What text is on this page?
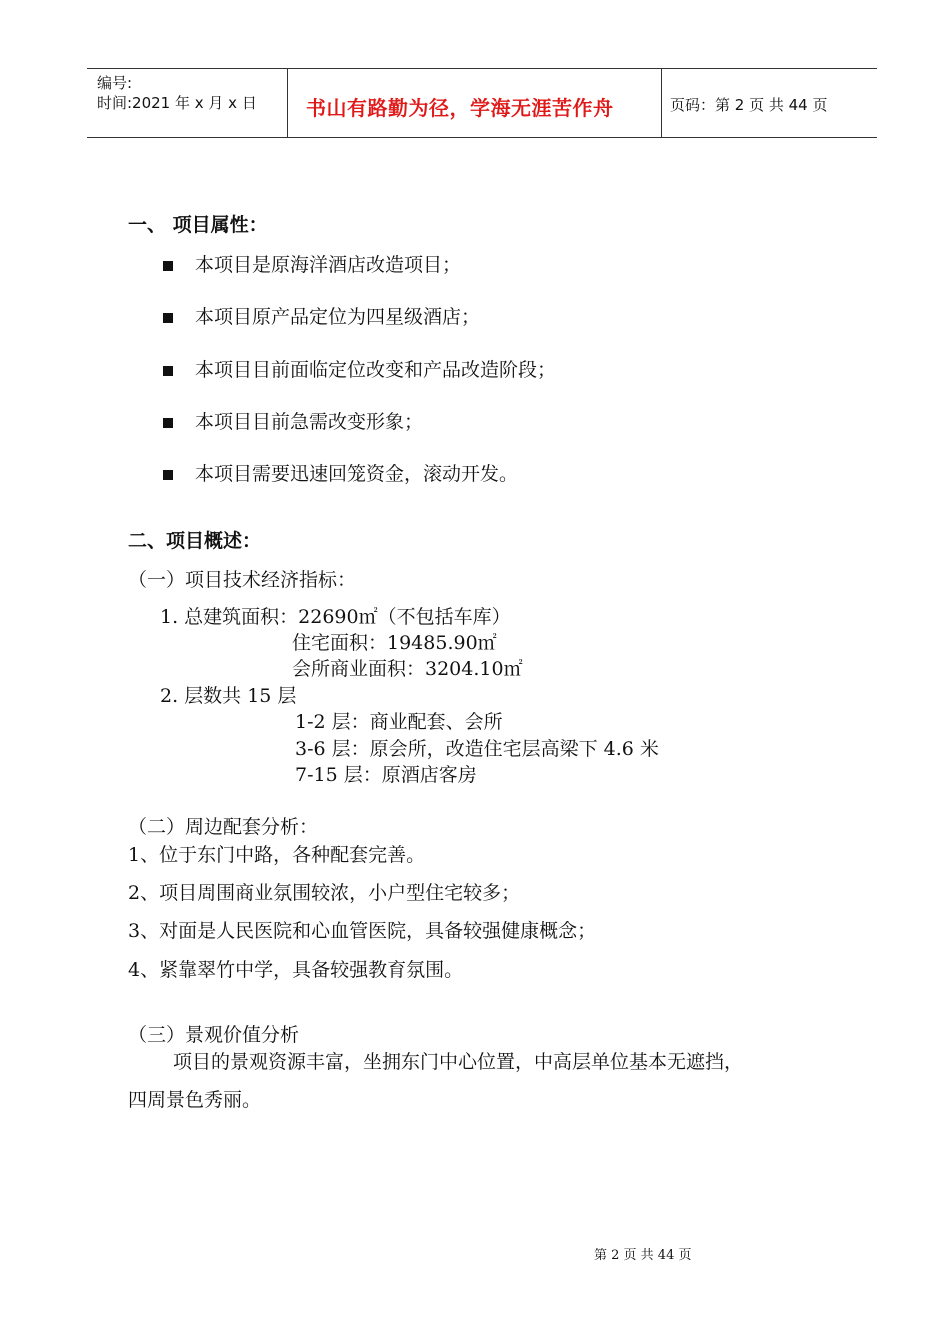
编号:
时间:2021 年 x 月 x 日 书山有路勤为径，学海无涯苦作舟	页码：第 2 页 共 44 页
一、 项目属性：
本项目是原海洋酒店改造项目；
本项目原产品定位为四星级酒店；
本项目目前面临定位改变和产品改造阶段；
本项目目前急需改变形象；
本项目需要迅速回笼资金，滚动开发。
二、项目概述：
（一）项目技术经济指标：
1. 总建筑面积：22690㎡（不包括车库）
住宅面积：19485.90㎡
会所商业面积：3204.10㎡
2. 层数共 15 层
1-2 层：商业配套、会所
3-6 层：原会所，改造住宅层高梁下 4.6 米
7-15 层：原酒店客房
（二）周边配套分析：
1、位于东门中路，各种配套完善。
2、项目周围商业氛围较浓，小户型住宅较多；
3、对面是人民医院和心血管医院，具备较强健康概念；
4、紧靠翠竹中学，具备较强教育氛围。
（三）景观价值分析
项目的景观资源丰富，坐拥东门中心位置，中高层单位基本无遮挡，
四周景色秀丽。
第 2 页 共 44 页
